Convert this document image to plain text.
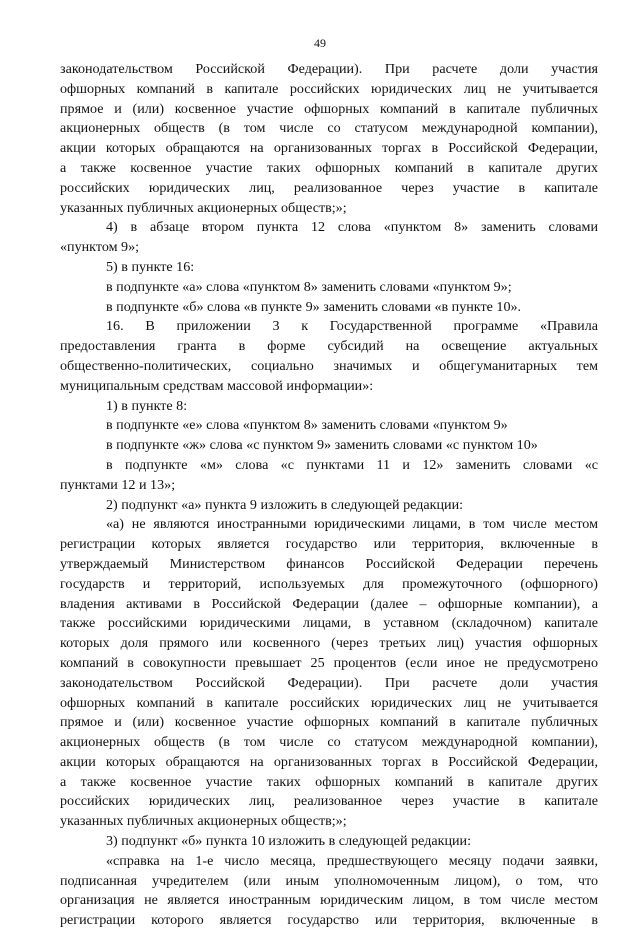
49
законодательством Российской Федерации). При расчете доли участия
офшорных компаний в капитале российских юридических лиц не учитывается
прямое и (или) косвенное участие офшорных компаний в капитале публичных
акционерных обществ (в том числе со статусом международной компании),
акции которых обращаются на организованных торгах в Российской Федерации,
а также косвенное участие таких офшорных компаний в капитале других
российских юридических лиц, реализованное через участие в капитале
указанных публичных акционерных обществ;»;
4) в абзаце втором пункта 12 слова «пунктом 8» заменить словами
«пунктом 9»;
5) в пункте 16:
в подпункте «а» слова «пунктом 8» заменить словами «пунктом 9»;
в подпункте «б» слова «в пункте 9» заменить словами «в пункте 10».
16. В приложении 3 к Государственной программе «Правила
предоставления гранта в форме субсидий на освещение актуальных
общественно-политических, социально значимых и общегуманитарных тем
муниципальным средствам массовой информации»:
1) в пункте 8:
в подпункте «е» слова «пунктом 8» заменить словами «пунктом 9»
в подпункте «ж» слова «с пунктом 9» заменить словами «с пунктом 10»
в подпункте «м» слова «с пунктами 11 и 12» заменить словами «с
пунктами 12 и 13»;
2) подпункт «а» пункта 9 изложить в следующей редакции:
«а) не являются иностранными юридическими лицами, в том числе местом
регистрации которых является государство или территория, включенные в
утверждаемый Министерством финансов Российской Федерации перечень
государств и территорий, используемых для промежуточного (офшорного)
владения активами в Российской Федерации (далее – офшорные компании), а
также российскими юридическими лицами, в уставном (складочном) капитале
которых доля прямого или косвенного (через третьих лиц) участия офшорных
компаний в совокупности превышает 25 процентов (если иное не предусмотрено
законодательством Российской Федерации). При расчете доли участия
офшорных компаний в капитале российских юридических лиц не учитывается
прямое и (или) косвенное участие офшорных компаний в капитале публичных
акционерных обществ (в том числе со статусом международной компании),
акции которых обращаются на организованных торгах в Российской Федерации,
а также косвенное участие таких офшорных компаний в капитале других
российских юридических лиц, реализованное через участие в капитале
указанных публичных акционерных обществ;»;
3) подпункт «б» пункта 10 изложить в следующей редакции:
«справка на 1-е число месяца, предшествующего месяцу подачи заявки,
подписанная учредителем (или иным уполномоченным лицом), о том, что
организация не является иностранным юридическим лицом, в том числе местом
регистрации которого является государство или территория, включенные в
